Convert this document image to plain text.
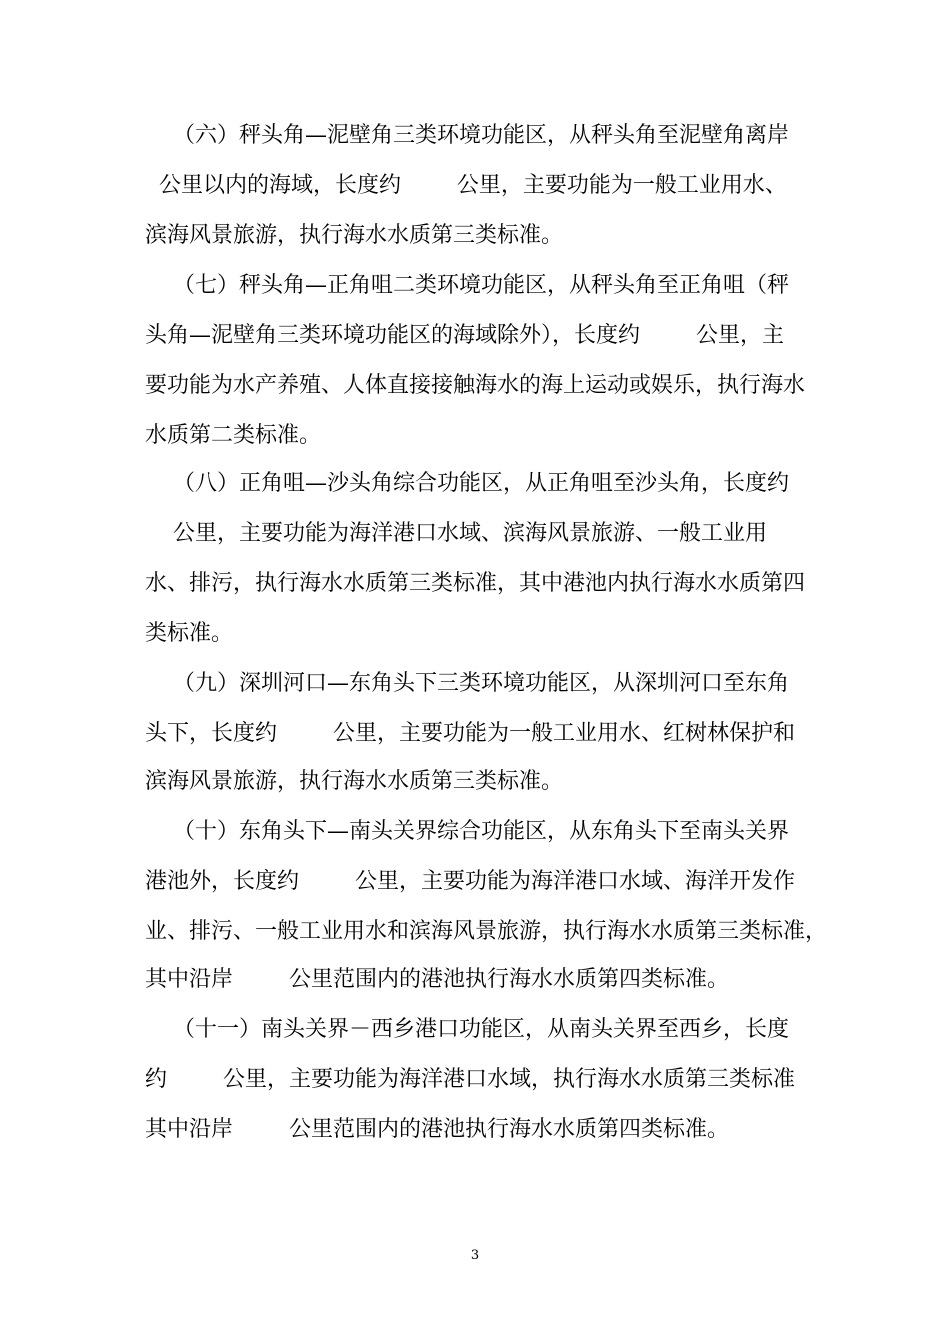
（六）秤头角—泥壁角三类环境功能区，从秤头角至泥壁角离岸
公里以内的海域，长度约        公里，主要功能为一般工业用水、
滨海风景旅游，执行海水水质第三类标准。
（七）秤头角—正角咀二类环境功能区，从秤头角至正角咀（秤
头角—泥壁角三类环境功能区的海域除外），长度约        公里，主
要功能为水产养殖、人体直接接触海水的海上运动或娱乐，执行海水
水质第二类标准。
（八）正角咀—沙头角综合功能区，从正角咀至沙头角，长度约
公里，主要功能为海洋港口水域、滨海风景旅游、一般工业用
水、排污，执行海水水质第三类标准，其中港池内执行海水水质第四
类标准。
（九）深圳河口—东角头下三类环境功能区，从深圳河口至东角
头下，长度约        公里，主要功能为一般工业用水、红树林保护和
滨海风景旅游，执行海水水质第三类标准。
（十）东角头下—南头关界综合功能区，从东角头下至南头关界
港池外，长度约        公里，主要功能为海洋港口水域、海洋开发作
业、排污、一般工业用水和滨海风景旅游，执行海水水质第三类标准，
其中沿岸        公里范围内的港池执行海水水质第四类标准。
（十一）南头关界－西乡港口功能区，从南头关界至西乡，长度
约        公里，主要功能为海洋港口水域，执行海水水质第三类标准
其中沿岸        公里范围内的港池执行海水水质第四类标准。
3
